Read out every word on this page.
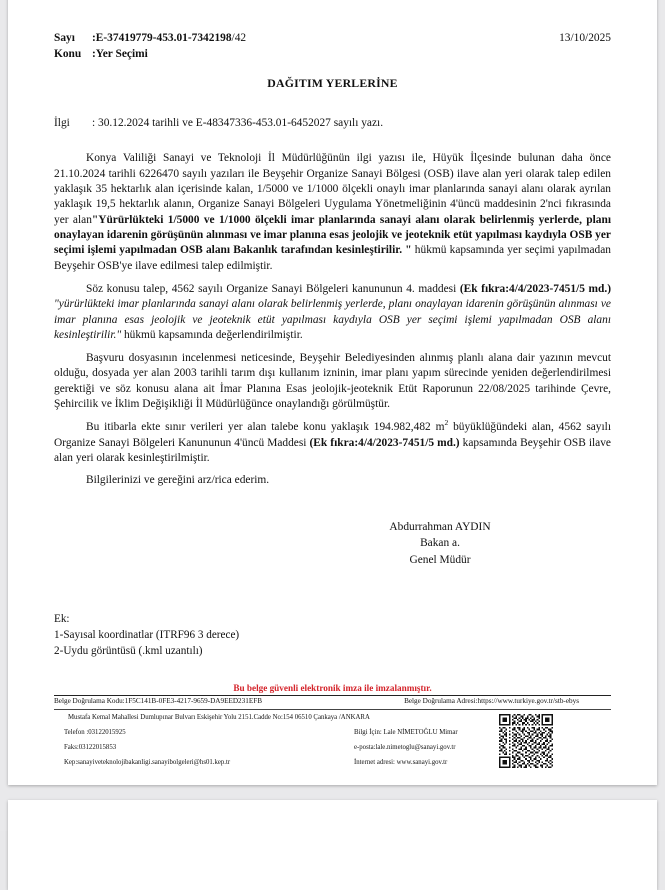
Sayı :E-37419779-453.01-7342198/42	13/10/2025
Konu :Yer Seçimi
DAĞITIM YERLERİNE
İlgi : 30.12.2024 tarihli ve E-48347336-453.01-6452027 sayılı yazı.
Konya Valiliği Sanayi ve Teknoloji İl Müdürlüğünün ilgi yazısı ile, Hüyük İlçesinde bulunan daha önce 21.10.2024 tarihli 6226470 sayılı yazıları ile Beyşehir Organize Sanayi Bölgesi (OSB) ilave alan yeri olarak talep edilen yaklaşık 35 hektarlık alan içerisinde kalan, 1/5000 ve 1/1000 ölçekli onaylı imar planlarında sanayi alanı olarak ayrılan yaklaşık 19,5 hektarlık alanın, Organize Sanayi Bölgeleri Uygulama Yönetmeliğinin 4'üncü maddesinin 2'nci fıkrasında yer alan"Yürürlükteki 1/5000 ve 1/1000 ölçekli imar planlarında sanayi alanı olarak belirlenmiş yerlerde, planı onaylayan idarenin görüşünün alınması ve imar planına esas jeolojik ve jeoteknik etüt yapılması kaydıyla OSB yer seçimi işlemi yapılmadan OSB alanı Bakanlık tarafından kesinleştirilir. " hükmü kapsamında yer seçimi yapılmadan Beyşehir OSB'ye ilave edilmesi talep edilmiştir.
Söz konusu talep, 4562 sayılı Organize Sanayi Bölgeleri kanununun 4. maddesi (Ek fıkra:4/4/2023-7451/5 md.) "yürürlükteki imar planlarında sanayi alanı olarak belirlenmiş yerlerde, planı onaylayan idarenin görüşünün alınması ve imar planına esas jeolojik ve jeoteknik etüt yapılması kaydıyla OSB yer seçimi işlemi yapılmadan OSB alanı kesinleştirilir." hükmü kapsamında değerlendirilmiştir.
Başvuru dosyasının incelenmesi neticesinde, Beyşehir Belediyesinden alınmış planlı alana dair yazının mevcut olduğu, dosyada yer alan 2003 tarihli tarım dışı kullanım izninin, imar planı yapım sürecinde yeniden değerlendirilmesi gerektiği ve söz konusu alana ait İmar Planına Esas jeolojik-jeoteknik Etüt Raporunun 22/08/2025 tarihinde Çevre, Şehircilik ve İklim Değişikliği İl Müdürlüğünce onaylandığı görülmüştür.
Bu itibarla ekte sınır verileri yer alan talebe konu yaklaşık 194.982,482 $m^2$ büyüklüğündeki alan, 4562 sayılı Organize Sanayi Bölgeleri Kanununun 4'üncü Maddesi (Ek fıkra:4/4/2023-7451/5 md.) kapsamında Beyşehir OSB ilave alan yeri olarak kesinleştirilmiştir.
Bilgilerinizi ve gereğini arz/rica ederim.
Abdurrahman AYDIN
Bakan a.
Genel Müdür
Ek:
1-Sayısal koordinatlar (ITRF96 3 derece)
2-Uydu görüntüsü (.kml uzantılı)
Bu belge güvenli elektronik imza ile imzalanmıştır.
Belge Doğrulama Kodu:1F5C141B-0FE3-4217-9659-DA9EED231EFB	Belge Doğrulama Adresi:https://www.turkiye.gov.tr/stb-ebys
Mustafa Kemal Mahallesi Dumlupınar Bulvarı Eskişehir Yolu 2151.Cadde No:154 06510 Çankaya /ANKARA
Telefon :03122015925	Bilgi İçin: Lale NİMETOĞLU Mimar
Faks:03122015853	e-posta:lale.nimetoglu@sanayi.gov.tr
Kep:sanayiveteknolojibakanligi.sanayibolgeleri@hs01.kep.tr	İnternet adresi: www.sanayi.gov.tr
